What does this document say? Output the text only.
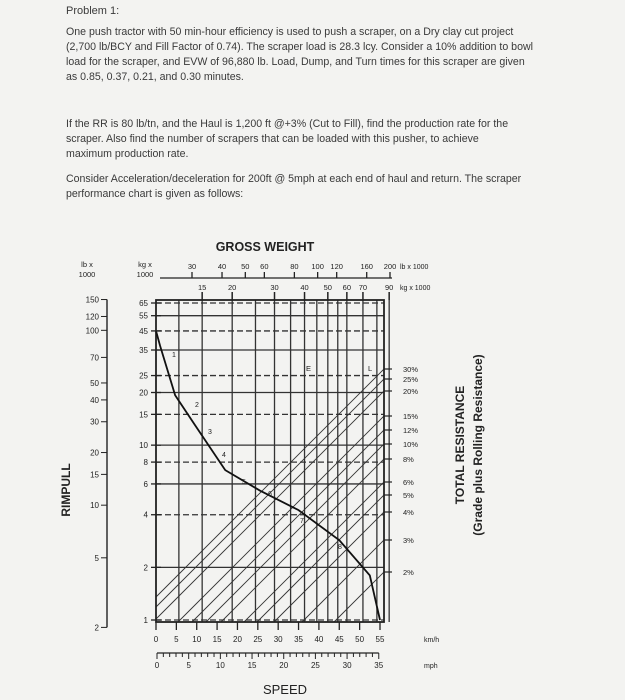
Problem 1:
One push tractor with 50 min-hour efficiency is used to push a scraper, on a Dry clay cut project
(2,700 lb/BCY and Fill Factor of 0.74). The scraper load is 28.3 lcy. Consider a 10% addition to bowl
load for the scraper, and EVW of 96,880 lb. Load, Dump, and Turn times for this scraper are given
as 0.85, 0.37, 0.21, and 0.30 minutes.
If the RR is 80 lb/tn, and the Haul is 1,200 ft @+3% (Cut to Fill), find the production rate for the
scraper. Also find the number of scrapers that can be loaded with this pusher, to achieve
maximum production rate.
Consider Acceleration/deceleration for 200ft @ 5mph at each end of haul and return. The scraper
performance chart is given as follows:
GROSS WEIGHT
SPEED
RIMPULL	TOTAL RESISTANCE (Grade plus Rolling Resistance)
30%
25%
20%
15%
12%
10%
8%
6%
5%
4%
3%
2%
1
2
3
4
5
6
7
8
E	L
lb x
1000
150
120
100
70
50
40
30
20
15
10
5
2
kg x
1000
65
55
45
35
25
20
15
10
8
6
4
2
1
30	40 50 60	80 100 120 160 200 lb x 1000
15	20	30	40 50 60 70 90 kg x 1000
0 5 10 15 20 25 30 35 40 45 50 55	km/h
0	5	10	15	20	25	30	35	mph
